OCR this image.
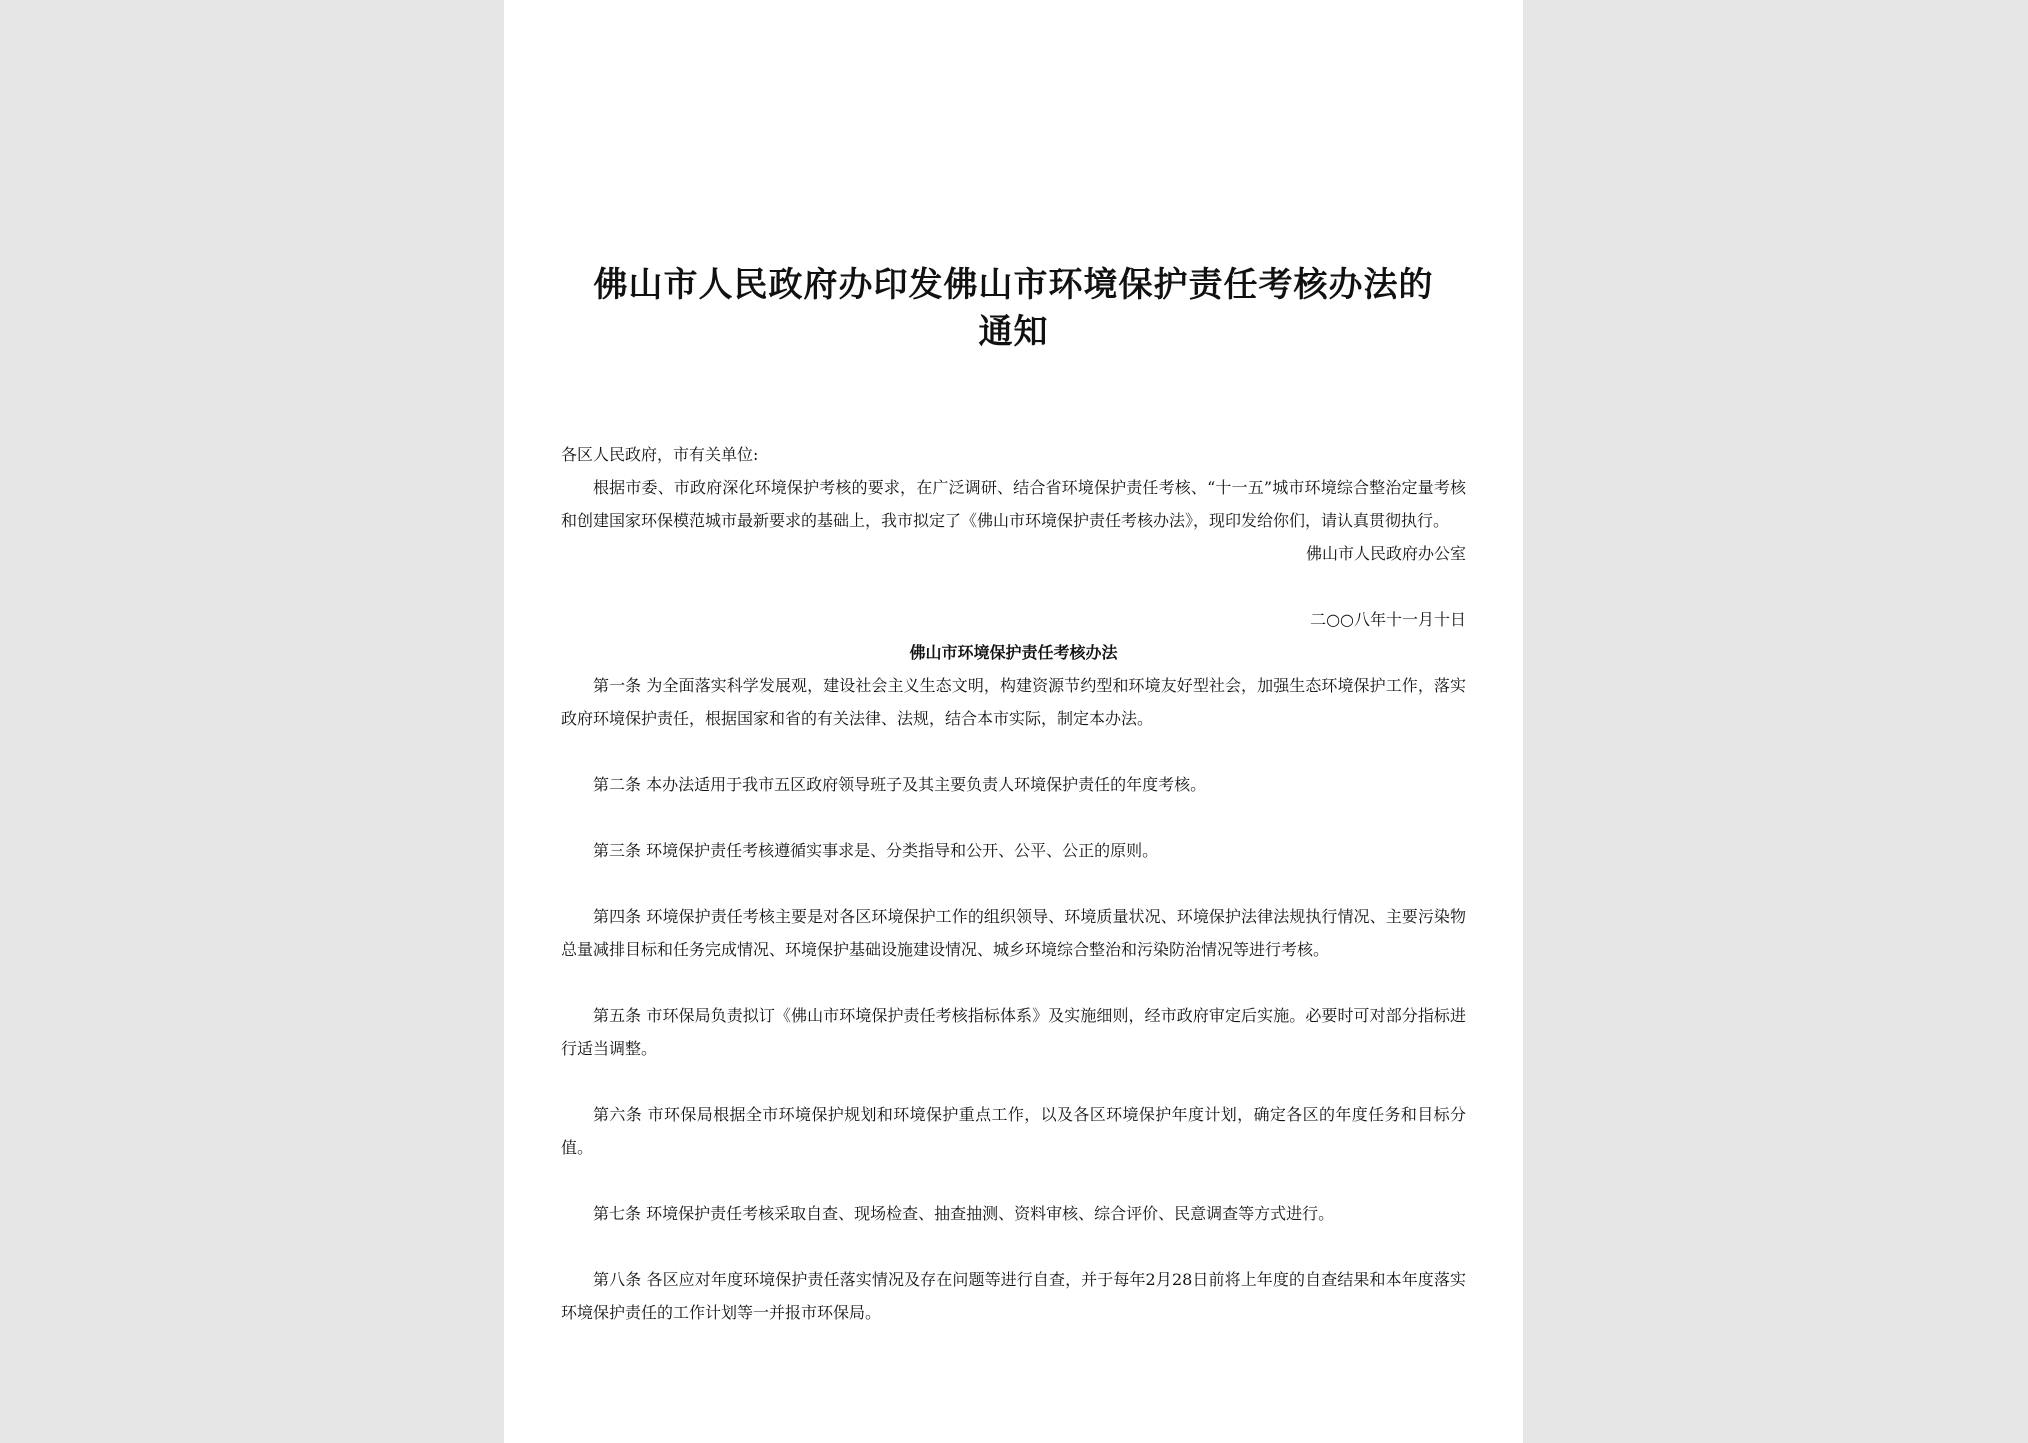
佛山市人民政府办印发佛山市环境保护责任考核办法的
通知

各区人民政府，市有关单位:

根据市委、市政府深化环境保护考核的要求，在广泛调研、结合省环境保护责任考核、“十一五”城市环境综合整治定量考核和创建国家环保模范城市最新要求的基础上，我市拟定了《佛山市环境保护责任考核办法》，现印发给你们，请认真贯彻执行。

佛山市人民政府办公室

二○○八年十一月十日

佛山市环境保护责任考核办法

第一条 为全面落实科学发展观，建设社会主义生态文明，构建资源节约型和环境友好型社会，加强生态环境保护工作，落实政府环境保护责任，根据国家和省的有关法律、法规，结合本市实际，制定本办法。

第二条 本办法适用于我市五区政府领导班子及其主要负责人环境保护责任的年度考核。

第三条 环境保护责任考核遵循实事求是、分类指导和公开、公平、公正的原则。

第四条 环境保护责任考核主要是对各区环境保护工作的组织领导、环境质量状况、环境保护法律法规执行情况、主要污染物总量减排目标和任务完成情况、环境保护基础设施建设情况、城乡环境综合整治和污染防治情况等进行考核。

第五条 市环保局负责拟订《佛山市环境保护责任考核指标体系》及实施细则，经市政府审定后实施。必要时可对部分指标进行适当调整。

第六条 市环保局根据全市环境保护规划和环境保护重点工作，以及各区环境保护年度计划，确定各区的年度任务和目标分值。

第七条 环境保护责任考核采取自查、现场检查、抽查抽测、资料审核、综合评价、民意调查等方式进行。

第八条 各区应对年度环境保护责任落实情况及存在问题等进行自查，并于每年2月28日前将上年度的自查结果和本年度落实环境保护责任的工作计划等一并报市环保局。
